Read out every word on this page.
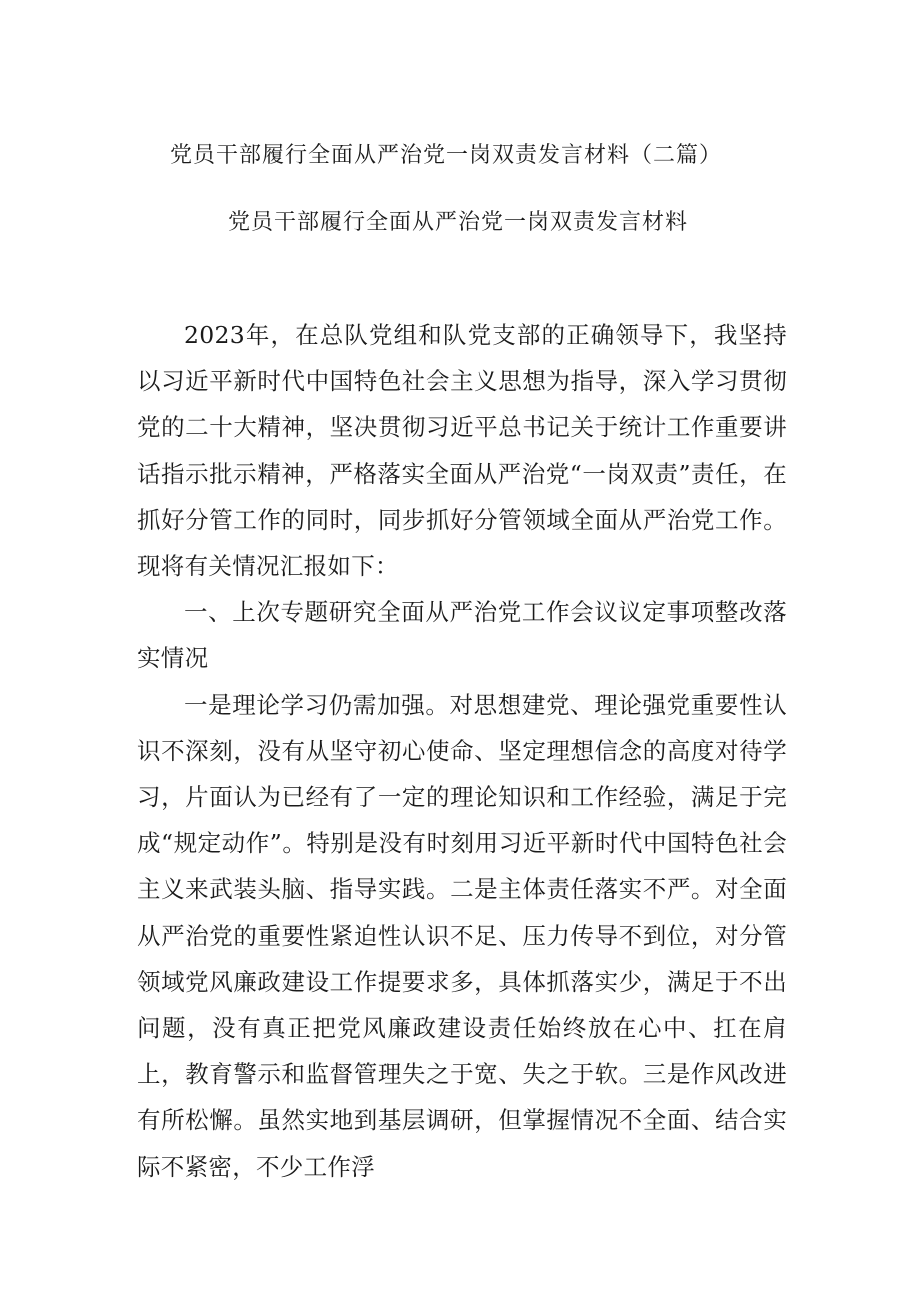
党员干部履行全面从严治党一岗双责发言材料（二篇）
党员干部履行全面从严治党一岗双责发言材料

2023年，在总队党组和队党支部的正确领导下，我坚持以习近平新时代中国特色社会主义思想为指导，深入学习贯彻党的二十大精神，坚决贯彻习近平总书记关于统计工作重要讲话指示批示精神，严格落实全面从严治党“一岗双责”责任，在抓好分管工作的同时，同步抓好分管领域全面从严治党工作。现将有关情况汇报如下：

一、上次专题研究全面从严治党工作会议议定事项整改落实情况

一是理论学习仍需加强。对思想建党、理论强党重要性认识不深刻，没有从坚守初心使命、坚定理想信念的高度对待学习，片面认为已经有了一定的理论知识和工作经验，满足于完成“规定动作”。特别是没有时刻用习近平新时代中国特色社会主义来武装头脑、指导实践。二是主体责任落实不严。对全面从严治党的重要性紧迫性认识不足、压力传导不到位，对分管领域党风廉政建设工作提要求多，具体抓落实少，满足于不出问题，没有真正把党风廉政建设责任始终放在心中、扛在肩上，教育警示和监督管理失之于宽、失之于软。三是作风改进有所松懈。虽然实地到基层调研，但掌握情况不全面、结合实际不紧密，不少工作浮
